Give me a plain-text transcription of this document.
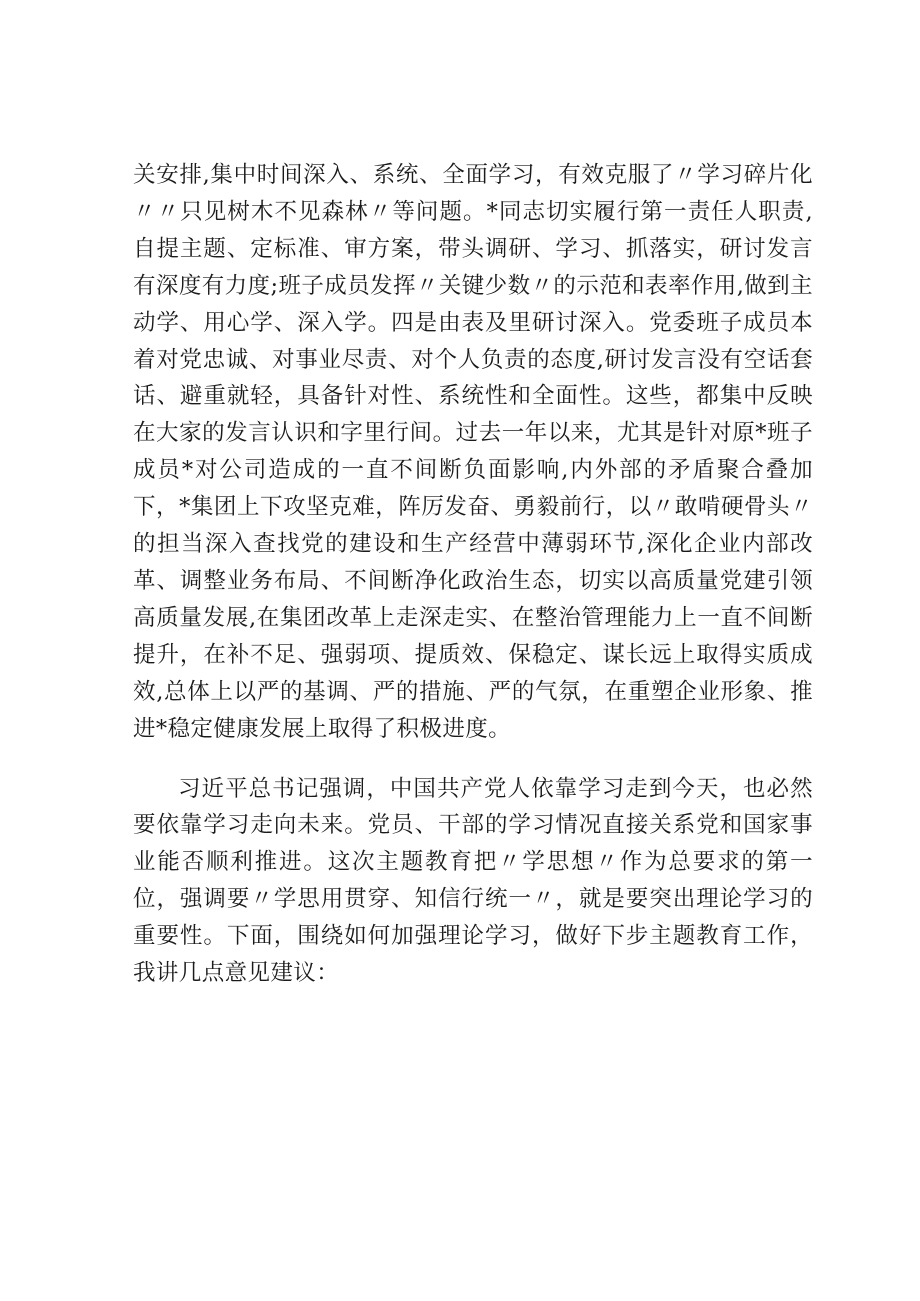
关安排,集中时间深入、系统、全面学习，有效克服了〃学习碎片化〃〃只见树木不见森林〃等问题。*同志切实履行第一责任人职责,自提主题、定标准、审方案，带头调研、学习、抓落实，研讨发言有深度有力度;班子成员发挥〃关键少数〃的示范和表率作用,做到主动学、用心学、深入学。四是由表及里研讨深入。党委班子成员本着对党忠诚、对事业尽责、对个人负责的态度,研讨发言没有空话套话、避重就轻，具备针对性、系统性和全面性。这些，都集中反映在大家的发言认识和字里行间。过去一年以来，尤其是针对原*班子成员*对公司造成的一直不间断负面影响,内外部的矛盾聚合叠加下，*集团上下攻坚克难，阵厉发奋、勇毅前行，以〃敢啃硬骨头〃的担当深入查找党的建设和生产经营中薄弱环节,深化企业内部改革、调整业务布局、不间断净化政治生态，切实以高质量党建引领高质量发展,在集团改革上走深走实、在整治管理能力上一直不间断提升，在补不足、强弱项、提质效、保稳定、谋长远上取得实质成效,总体上以严的基调、严的措施、严的气氛，在重塑企业形象、推进*稳定健康发展上取得了积极进度。

习近平总书记强调，中国共产党人依靠学习走到今天，也必然要依靠学习走向未来。党员、干部的学习情况直接关系党和国家事业能否顺利推进。这次主题教育把〃学思想〃作为总要求的第一位，强调要〃学思用贯穿、知信行统一〃，就是要突出理论学习的重要性。下面，围绕如何加强理论学习，做好下步主题教育工作，我讲几点意见建议：
